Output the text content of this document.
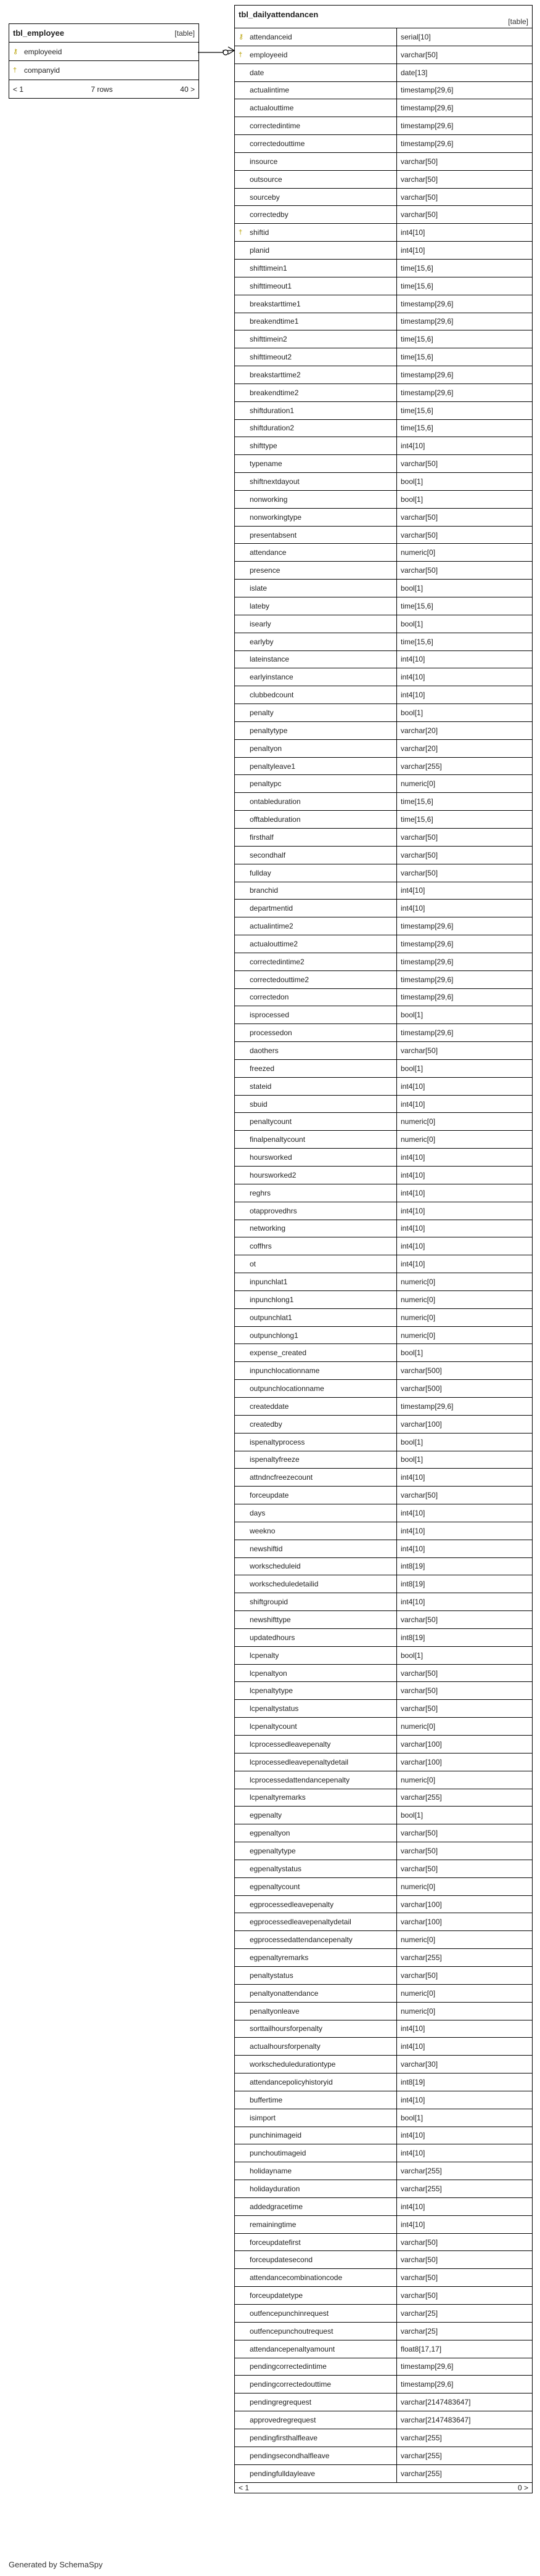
tbl_employee	[table]
⚷ employeeid
† companyid
< 1	7 rows	40 >
tbl_dailyattendancen
[table]
⚷ attendanceid	serial[10]
† employeeid	varchar[50]
date	date[13]
actualintime	timestamp[29,6]
actualouttime	timestamp[29,6]
correctedintime	timestamp[29,6]
correctedouttime	timestamp[29,6]
insource	varchar[50]
outsource	varchar[50]
sourceby	varchar[50]
correctedby	varchar[50]
† shiftid	int4[10]
planid	int4[10]
shifttimein1	time[15,6]
shifttimeout1	time[15,6]
breakstarttime1	timestamp[29,6]
breakendtime1	timestamp[29,6]
shifttimein2	time[15,6]
shifttimeout2	time[15,6]
breakstarttime2	timestamp[29,6]
breakendtime2	timestamp[29,6]
shiftduration1	time[15,6]
shiftduration2	time[15,6]
shifttype	int4[10]
typename	varchar[50]
shiftnextdayout	bool[1]
nonworking	bool[1]
nonworkingtype	varchar[50]
presentabsent	varchar[50]
attendance	numeric[0]
presence	varchar[50]
islate	bool[1]
lateby	time[15,6]
isearly	bool[1]
earlyby	time[15,6]
lateinstance	int4[10]
earlyinstance	int4[10]
clubbedcount	int4[10]
penalty	bool[1]
penaltytype	varchar[20]
penaltyon	varchar[20]
penaltyleave1	varchar[255]
penaltypc	numeric[0]
ontableduration	time[15,6]
offtableduration	time[15,6]
firsthalf	varchar[50]
secondhalf	varchar[50]
fullday	varchar[50]
branchid	int4[10]
departmentid	int4[10]
actualintime2	timestamp[29,6]
actualouttime2	timestamp[29,6]
correctedintime2	timestamp[29,6]
correctedouttime2	timestamp[29,6]
correctedon	timestamp[29,6]
isprocessed	bool[1]
processedon	timestamp[29,6]
daothers	varchar[50]
freezed	bool[1]
stateid	int4[10]
sbuid	int4[10]
penaltycount	numeric[0]
finalpenaltycount	numeric[0]
hoursworked	int4[10]
hoursworked2	int4[10]
reghrs	int4[10]
otapprovedhrs	int4[10]
networking	int4[10]
coffhrs	int4[10]
ot	int4[10]
inpunchlat1	numeric[0]
inpunchlong1	numeric[0]
outpunchlat1	numeric[0]
outpunchlong1	numeric[0]
expense_created	bool[1]
inpunchlocationname	varchar[500]
outpunchlocationname	varchar[500]
createddate	timestamp[29,6]
createdby	varchar[100]
ispenaltyprocess	bool[1]
ispenaltyfreeze	bool[1]
attndncfreezecount	int4[10]
forceupdate	varchar[50]
days	int4[10]
weekno	int4[10]
newshiftid	int4[10]
workscheduleid	int8[19]
workscheduledetailid	int8[19]
shiftgroupid	int4[10]
newshifttype	varchar[50]
updatedhours	int8[19]
lcpenalty	bool[1]
lcpenaltyon	varchar[50]
lcpenaltytype	varchar[50]
lcpenaltystatus	varchar[50]
lcpenaltycount	numeric[0]
lcprocessedleavepenalty	varchar[100]
lcprocessedleavepenaltydetail	varchar[100]
lcprocessedattendancepenalty	numeric[0]
lcpenaltyremarks	varchar[255]
egpenalty	bool[1]
egpenaltyon	varchar[50]
egpenaltytype	varchar[50]
egpenaltystatus	varchar[50]
egpenaltycount	numeric[0]
egprocessedleavepenalty	varchar[100]
egprocessedleavepenaltydetail	varchar[100]
egprocessedattendancepenalty	numeric[0]
egpenaltyremarks	varchar[255]
penaltystatus	varchar[50]
penaltyonattendance	numeric[0]
penaltyonleave	numeric[0]
sorttailhoursforpenalty	int4[10]
actualhoursforpenalty	int4[10]
workscheduledurationtype	varchar[30]
attendancepolicyhistoryid	int8[19]
buffertime	int4[10]
isimport	bool[1]
punchinimageid	int4[10]
punchoutimageid	int4[10]
holidayname	varchar[255]
holidayduration	varchar[255]
addedgracetime	int4[10]
remainingtime	int4[10]
forceupdatefirst	varchar[50]
forceupdatesecond	varchar[50]
attendancecombinationcode	varchar[50]
forceupdatetype	varchar[50]
outfencepunchinrequest	varchar[25]
outfencepunchoutrequest	varchar[25]
attendancepenaltyamount	float8[17,17]
pendingcorrectedintime	timestamp[29,6]
pendingcorrectedouttime	timestamp[29,6]
pendingregrequest	varchar[2147483647]
approvedregrequest	varchar[2147483647]
pendingfirsthalfleave	varchar[255]
pendingsecondhalfleave	varchar[255]
pendingfulldayleave	varchar[255]
< 1	0 >
Generated by SchemaSpy
